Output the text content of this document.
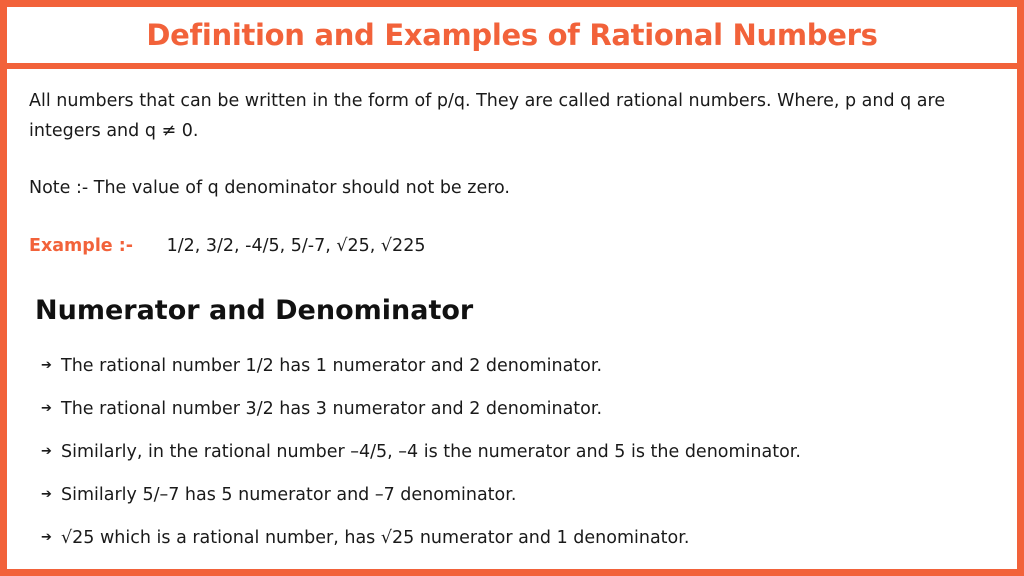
Definition and Examples of Rational Numbers
All numbers that can be written in the form of p/q. They are called rational numbers. Where, p and q are integers and q ≠ 0.
Note :- The value of q denominator should not be zero.
Example :- 1/2, 3/2, -4/5, 5/-7, √25, √225
Numerator and Denominator
➔ The rational number 1/2 has 1 numerator and 2 denominator.
➔ The rational number 3/2 has 3 numerator and 2 denominator.
➔ Similarly, in the rational number –4/5, –4 is the numerator and 5 is the denominator.
➔ Similarly 5/–7 has 5 numerator and –7 denominator.
➔ √25 which is a rational number, has √25 numerator and 1 denominator.
